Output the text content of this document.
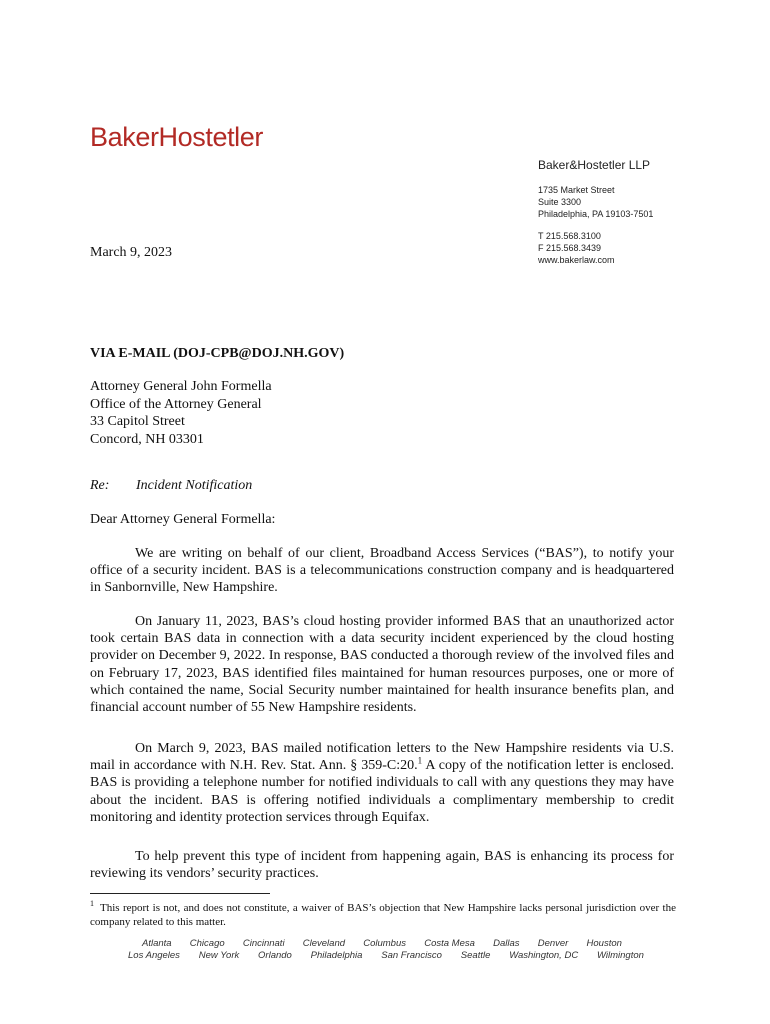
BakerHostetler
Baker&Hostetler LLP
1735 Market Street
Suite 3300
Philadelphia, PA 19103-7501
T 215.568.3100
F 215.568.3439
www.bakerlaw.com
March 9, 2023
VIA E-MAIL (DOJ-CPB@DOJ.NH.GOV)
Attorney General John Formella
Office of the Attorney General
33 Capitol Street
Concord, NH 03301
Re: Incident Notification
Dear Attorney General Formella:

We are writing on behalf of our client, Broadband Access Services (“BAS”), to notify your office of a security incident. BAS is a telecommunications construction company and is headquartered in Sanbornville, New Hampshire.

On January 11, 2023, BAS’s cloud hosting provider informed BAS that an unauthorized actor took certain BAS data in connection with a data security incident experienced by the cloud hosting provider on December 9, 2022. In response, BAS conducted a thorough review of the involved files and on February 17, 2023, BAS identified files maintained for human resources purposes, one or more of which contained the name, Social Security number maintained for health insurance benefits plan, and financial account number of 55 New Hampshire residents.

On March 9, 2023, BAS mailed notification letters to the New Hampshire residents via U.S. mail in accordance with N.H. Rev. Stat. Ann. § 359-C:20.$^1$ A copy of the notification letter is enclosed. BAS is providing a telephone number for notified individuals to call with any questions they may have about the incident. BAS is offering notified individuals a complimentary membership to credit monitoring and identity protection services through Equifax.

To help prevent this type of incident from happening again, BAS is enhancing its process for reviewing its vendors’ security practices.

$^1$ This report is not, and does not constitute, a waiver of BAS’s objection that New Hampshire lacks personal jurisdiction over the company related to this matter.
Atlanta Chicago Cincinnati Cleveland Columbus Costa Mesa Dallas Denver Houston
Los Angeles New York Orlando Philadelphia San Francisco Seattle Washington, DC Wilmington
